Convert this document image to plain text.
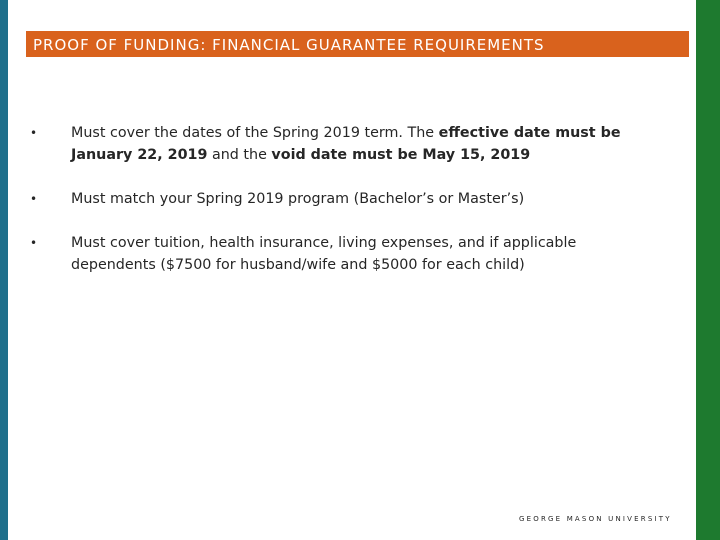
PROOF OF FUNDING: FINANCIAL GUARANTEE REQUIREMENTS
• Must cover the dates of the Spring 2019 term. The effective date must be
January 22, 2019 and the void date must be May 15, 2019
• Must match your Spring 2019 program (Bachelor’s or Master’s)
• Must cover tuition, health insurance, living expenses, and if applicable dependents ($7500 for husband/wife and $5000 for each child)
GEORGE MASON UNIVERSITY
